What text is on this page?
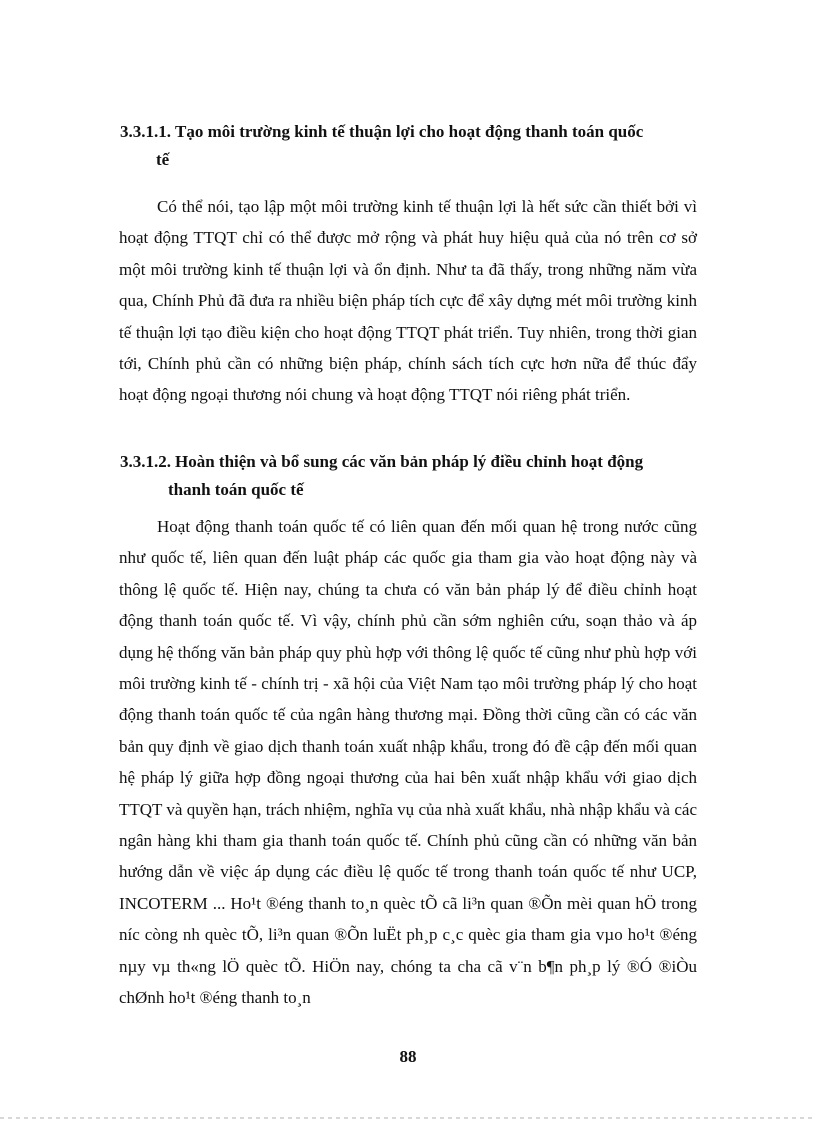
3.3.1.1. Tạo môi trường kinh tế thuận lợi cho hoạt động thanh toán quốc
tế

Có thể nói, tạo lập một môi trường kinh tế thuận lợi là hết sức cần thiết bởi vì hoạt động TTQT chỉ có thể được mở rộng và phát huy hiệu quả của nó trên cơ sở một môi trường kinh tế thuận lợi và ổn định. Như ta đã thấy, trong những năm vừa qua, Chính Phủ đã đưa ra nhiều biện pháp tích cực để xây dựng mét môi trường kinh tế thuận lợi tạo điều kiện cho hoạt động TTQT phát triển. Tuy nhiên, trong thời gian tới, Chính phủ cần có những biện pháp, chính sách tích cực hơn nữa để thúc đẩy hoạt động ngoại thương nói chung và hoạt động TTQT nói riêng phát triển.

3.3.1.2. Hoàn thiện và bổ sung các văn bản pháp lý điều chỉnh hoạt động
thanh toán quốc tế

Hoạt động thanh toán quốc tế có liên quan đến mối quan hệ trong nước cũng như quốc tế, liên quan đến luật pháp các quốc gia tham gia vào hoạt động này và thông lệ quốc tế. Hiện nay, chúng ta chưa có văn bản pháp lý để điều chỉnh hoạt động thanh toán quốc tế. Vì vậy, chính phủ cần sớm nghiên cứu, soạn thảo và áp dụng hệ thống văn bản pháp quy phù hợp với thông lệ quốc tế cũng như phù hợp với môi trường kinh tế - chính trị - xã hội của Việt Nam tạo môi trường pháp lý cho hoạt động thanh toán quốc tế của ngân hàng thương mại. Đồng thời cũng cần có các văn bản quy định về giao dịch thanh toán xuất nhập khẩu, trong đó đề cập đến mối quan hệ pháp lý giữa hợp đồng ngoại thương của hai bên xuất nhập khẩu với giao dịch TTQT và quyền hạn, trách nhiệm, nghĩa vụ của nhà xuất khẩu, nhà nhập khẩu và các ngân hàng khi tham gia thanh toán quốc tế. Chính phủ cũng cần có những văn bản hướng dẫn về việc áp dụng các điều lệ quốc tế trong thanh toán quốc tế như UCP, INCOTERM ... Ho¹t ®éng thanh to¸n quèc tÕ cã li³n quan ®Õn mèi quan hÖ trong níc còng nh quèc tÕ, li³n quan ®Õn luËt ph¸p c¸c quèc gia tham gia vµo ho¹t ®éng nµy vµ th«ng lÖ quèc tÕ. HiÖn nay, chóng ta cha cã v¨n b¶n ph¸p lý ®Ó ®iÒu chØnh ho¹t ®éng thanh to¸n

88
